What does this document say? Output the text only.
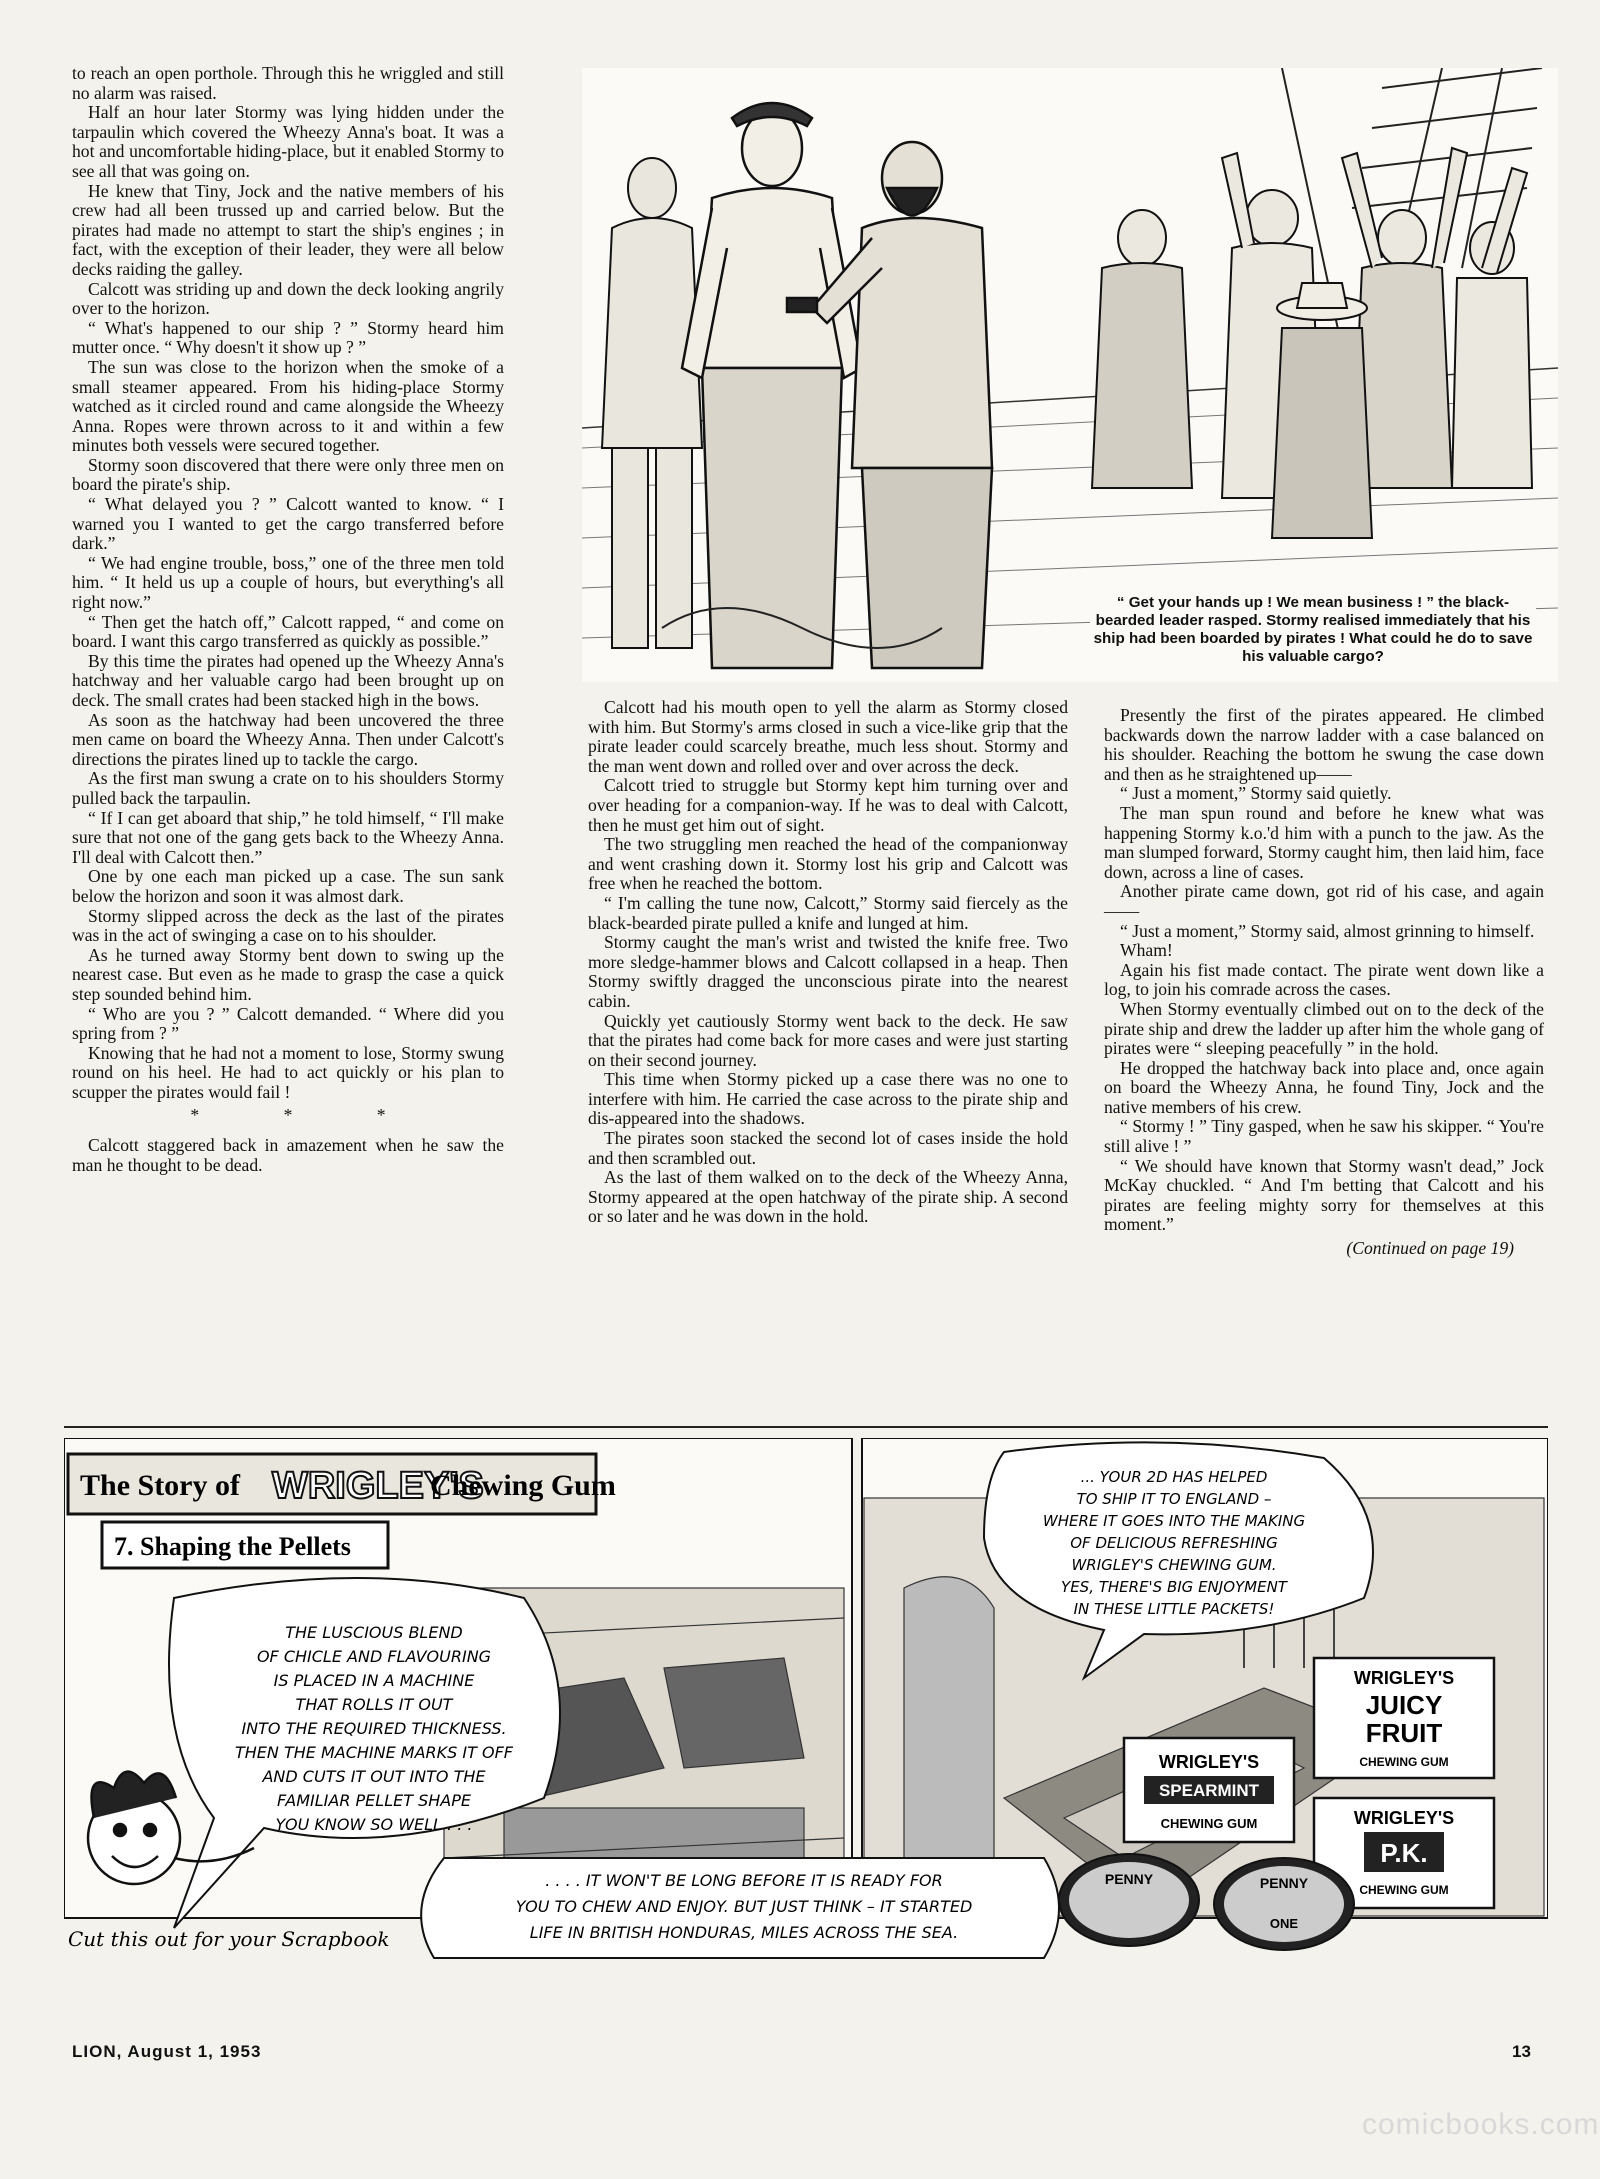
to reach an open porthole. Through this he wriggled and still no alarm was raised.

Half an hour later Stormy was lying hidden under the tarpaulin which covered the Wheezy Anna's boat. It was a hot and uncomfortable hiding-place, but it enabled Stormy to see all that was going on.

He knew that Tiny, Jock and the native members of his crew had all been trussed up and carried below. But the pirates had made no attempt to start the ship's engines ; in fact, with the exception of their leader, they were all below decks raiding the galley.

Calcott was striding up and down the deck looking angrily over to the horizon.

“ What's happened to our ship ? ” Stormy heard him mutter once. “ Why doesn't it show up ? ”

The sun was close to the horizon when the smoke of a small steamer appeared. From his hiding-place Stormy watched as it circled round and came alongside the Wheezy Anna. Ropes were thrown across to it and within a few minutes both vessels were secured together.

Stormy soon discovered that there were only three men on board the pirate's ship.

“ What delayed you ? ” Calcott wanted to know. “ I warned you I wanted to get the cargo transferred before dark.”

“ We had engine trouble, boss,” one of the three men told him. “ It held us up a couple of hours, but everything's all right now.”

“ Then get the hatch off,” Calcott rapped, “ and come on board. I want this cargo transferred as quickly as possible.”

By this time the pirates had opened up the Wheezy Anna's hatchway and her valuable cargo had been brought up on deck. The small crates had been stacked high in the bows.

As soon as the hatchway had been uncovered the three men came on board the Wheezy Anna. Then under Calcott's directions the pirates lined up to tackle the cargo.

As the first man swung a crate on to his shoulders Stormy pulled back the tarpaulin.

“ If I can get aboard that ship,” he told himself, “ I'll make sure that not one of the gang gets back to the Wheezy Anna. I'll deal with Calcott then.”

One by one each man picked up a case. The sun sank below the horizon and soon it was almost dark.

Stormy slipped across the deck as the last of the pirates was in the act of swinging a case on to his shoulder.

As he turned away Stormy bent down to swing up the nearest case. But even as he made to grasp the case a quick step sounded behind him.

“ Who are you ? ” Calcott demanded. “ Where did you spring from ? ”

Knowing that he had not a moment to lose, Stormy swung round on his heel. He had to act quickly or his plan to scupper the pirates would fail !

* * *

Calcott staggered back in amazement when he saw the man he thought to be dead.

“ Get your hands up ! We mean business ! ” the black-bearded leader rasped. Stormy realised immediately that his ship had been boarded by pirates ! What could he do to save his valuable cargo?

Calcott had his mouth open to yell the alarm as Stormy closed with him. But Stormy's arms closed in such a vice-like grip that the pirate leader could scarcely breathe, much less shout. Stormy and the man went down and rolled over and over across the deck.

Calcott tried to struggle but Stormy kept him turning over and over heading for a companion-way. If he was to deal with Calcott, then he must get him out of sight.

The two struggling men reached the head of the companionway and went crashing down it. Stormy lost his grip and Calcott was free when he reached the bottom.

“ I'm calling the tune now, Calcott,” Stormy said fiercely as the black-bearded pirate pulled a knife and lunged at him.

Stormy caught the man's wrist and twisted the knife free. Two more sledge-hammer blows and Calcott collapsed in a heap. Then Stormy swiftly dragged the unconscious pirate into the nearest cabin.

Quickly yet cautiously Stormy went back to the deck. He saw that the pirates had come back for more cases and were just starting on their second journey.

This time when Stormy picked up a case there was no one to interfere with him. He carried the case across to the pirate ship and dis-appeared into the shadows.

The pirates soon stacked the second lot of cases inside the hold and then scrambled out.

As the last of them walked on to the deck of the Wheezy Anna, Stormy appeared at the open hatchway of the pirate ship. A second or so later and he was down in the hold.

Presently the first of the pirates appeared. He climbed backwards down the narrow ladder with a case balanced on his shoulder. Reaching the bottom he swung the case down and then as he straightened up——

“ Just a moment,” Stormy said quietly.

The man spun round and before he knew what was happening Stormy k.o.'d him with a punch to the jaw. As the man slumped forward, Stormy caught him, then laid him, face down, across a line of cases.

Another pirate came down, got rid of his case, and again——

“ Just a moment,” Stormy said, almost grinning to himself.

Wham!

Again his fist made contact. The pirate went down like a log, to join his comrade across the cases.

When Stormy eventually climbed out on to the deck of the pirate ship and drew the ladder up after him the whole gang of pirates were “ sleeping peacefully ” in the hold.

He dropped the hatchway back into place and, once again on board the Wheezy Anna, he found Tiny, Jock and the native members of his crew.

“ Stormy ! ” Tiny gasped, when he saw his skipper. “ You're still alive ! ”

“ We should have known that Stormy wasn't dead,” Jock McKay chuckled. “ And I'm betting that Calcott and his pirates are feeling mighty sorry for themselves at this moment.”

(Continued on page 19)

The Story of WRIGLEY'S
Chewing Gum
7. Shaping the Pellets
THE LUSCIOUS BLEND
OF CHICLE AND FLAVOURING
IS PLACED IN A MACHINE
THAT ROLLS IT OUT
INTO THE REQUIRED THICKNESS.
THEN THE MACHINE MARKS IT OFF
AND CUTS IT OUT INTO THE
FAMILIAR PELLET SHAPE
YOU KNOW SO WELL . . .
... YOUR 2D HAS HELPED
TO SHIP IT TO ENGLAND –
WHERE IT GOES INTO THE MAKING
OF DELICIOUS REFRESHING
WRIGLEY'S CHEWING GUM.
YES, THERE'S BIG ENJOYMENT
IN THESE LITTLE PACKETS!
WRIGLEY'S
SPEARMINT
CHEWING GUM
WRIGLEY'S
JUICY
FRUIT
CHEWING GUM
WRIGLEY'S
P.K.
CHEWING GUM
PENNY	PENNY
ONE
. . . . IT WON'T BE LONG BEFORE IT IS READY FOR
YOU TO CHEW AND ENJOY. BUT JUST THINK – IT STARTED
LIFE IN BRITISH HONDURAS, MILES ACROSS THE SEA.
Cut this out for your Scrapbook
LION, August 1, 1953	13
comicbooks.com
